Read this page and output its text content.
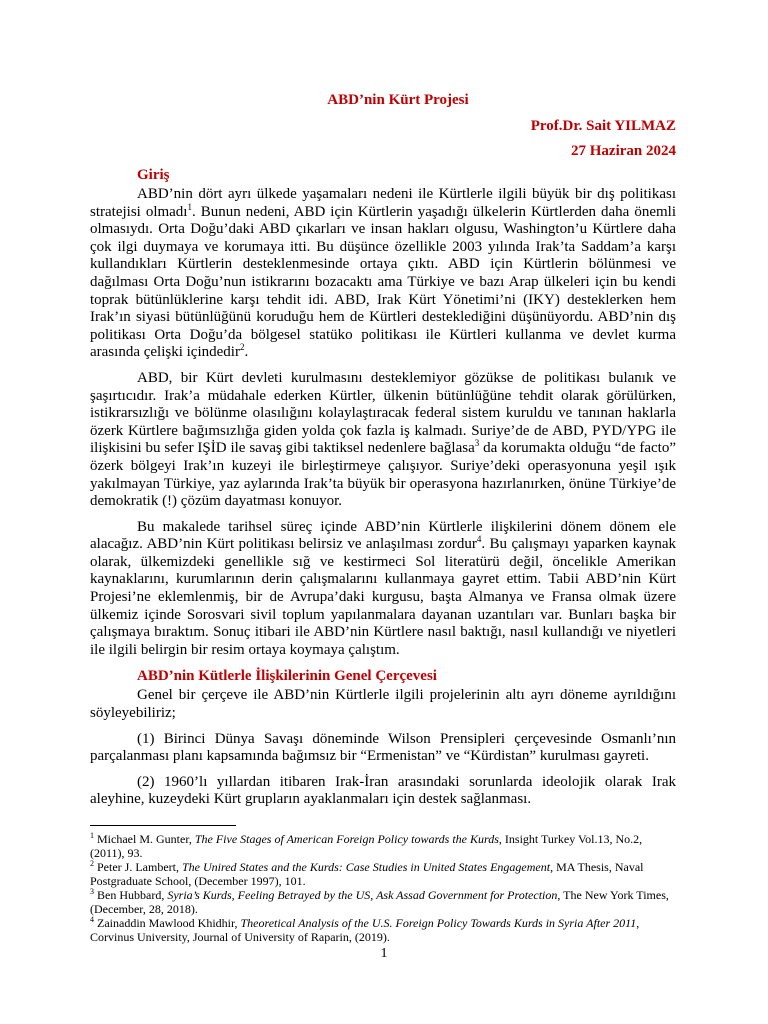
ABD’nin Kürt Projesi
Prof.Dr. Sait YILMAZ
27 Haziran 2024
Giriş

ABD’nin dört ayrı ülkede yaşamaları nedeni ile Kürtlerle ilgili büyük bir dış politikası stratejisi olmadı$^1$. Bunun nedeni, ABD için Kürtlerin yaşadığı ülkelerin Kürtlerden daha önemli olmasıydı. Orta Doğu’daki ABD çıkarları ve insan hakları olgusu, Washington’u Kürtlere daha çok ilgi duymaya ve korumaya itti. Bu düşünce özellikle 2003 yılında Irak’ta Saddam’a karşı kullandıkları Kürtlerin desteklenmesinde ortaya çıktı. ABD için Kürtlerin bölünmesi ve dağılması Orta Doğu’nun istikrarını bozacaktı ama Türkiye ve bazı Arap ülkeleri için bu kendi toprak bütünlüklerine karşı tehdit idi. ABD, Irak Kürt Yönetimi’ni (IKY) desteklerken hem Irak’ın siyasi bütünlüğünü koruduğu hem de Kürtleri desteklediğini düşünüyordu. ABD’nin dış politikası Orta Doğu’da bölgesel statüko politikası ile Kürtleri kullanma ve devlet kurma arasında çelişki içindedir$^2$.

ABD, bir Kürt devleti kurulmasını desteklemiyor gözükse de politikası bulanık ve şaşırtıcıdır. Irak’a müdahale ederken Kürtler, ülkenin bütünlüğüne tehdit olarak görülürken, istikrarsızlığı ve bölünme olasılığını kolaylaştıracak federal sistem kuruldu ve tanınan haklarla özerk Kürtlere bağımsızlığa giden yolda çok fazla iş kalmadı. Suriye’de de ABD, PYD/YPG ile ilişkisini bu sefer IŞİD ile savaş gibi taktiksel nedenlere bağlasa$^3$ da korumakta olduğu “de facto” özerk bölgeyi Irak’ın kuzeyi ile birleştirmeye çalışıyor. Suriye’deki operasyonuna yeşil ışık yakılmayan Türkiye, yaz aylarında Irak’ta büyük bir operasyona hazırlanırken, önüne Türkiye’de demokratik (!) çözüm dayatması konuyor.

Bu makalede tarihsel süreç içinde ABD’nin Kürtlerle ilişkilerini dönem dönem ele alacağız. ABD’nin Kürt politikası belirsiz ve anlaşılması zordur$^4$. Bu çalışmayı yaparken kaynak olarak, ülkemizdeki genellikle sığ ve kestirmeci Sol literatürü değil, öncelikle Amerikan kaynaklarını, kurumlarının derin çalışmalarını kullanmaya gayret ettim. Tabii ABD’nin Kürt Projesi’ne eklemlenmiş, bir de Avrupa’daki kurgusu, başta Almanya ve Fransa olmak üzere ülkemiz içinde Sorosvari sivil toplum yapılanmalara dayanan uzantıları var. Bunları başka bir çalışmaya bıraktım. Sonuç itibari ile ABD’nin Kürtlere nasıl baktığı, nasıl kullandığı ve niyetleri ile ilgili belirgin bir resim ortaya koymaya çalıştım.

ABD’nin Kütlerle İlişkilerinin Genel Çerçevesi

Genel bir çerçeve ile ABD’nin Kürtlerle ilgili projelerinin altı ayrı döneme ayrıldığını söyleyebiliriz;

(1) Birinci Dünya Savaşı döneminde Wilson Prensipleri çerçevesinde Osmanlı’nın parçalanması planı kapsamında bağımsız bir “Ermenistan” ve “Kürdistan” kurulması gayreti.

(2) 1960’lı yıllardan itibaren Irak-İran arasındaki sorunlarda ideolojik olarak Irak aleyhine, kuzeydeki Kürt grupların ayaklanmaları için destek sağlanması.

$^1$ Michael M. Gunter, The Five Stages of American Foreign Policy towards the Kurds, Insight Turkey Vol.13, No.2, (2011), 93.

$^2$ Peter J. Lambert, The Unired States and the Kurds: Case Studies in United States Engagement, MA Thesis, Naval Postgraduate School, (December 1997), 101.

$^3$ Ben Hubbard, Syria’s Kurds, Feeling Betrayed by the US, Ask Assad Government for Protection, The New York Times, (December, 28, 2018).

$^4$ Zainaddin Mawlood Khidhir, Theoretical Analysis of the U.S. Foreign Policy Towards Kurds in Syria After 2011, Corvinus University, Journal of University of Raparin, (2019).

1
